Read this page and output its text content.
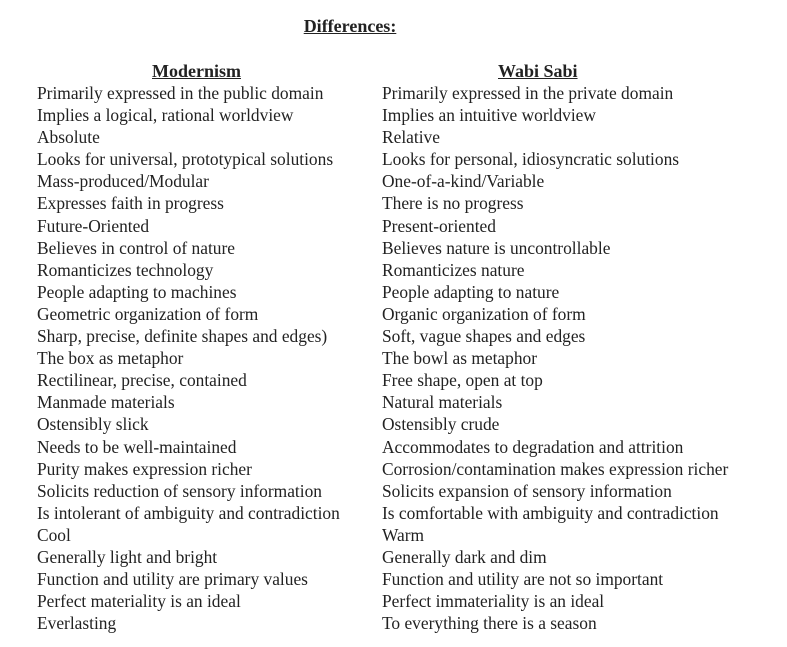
Differences:
Modernism
Primarily expressed in the public domain
Implies a logical, rational worldview
Absolute
Looks for universal, prototypical solutions
Mass-produced/Modular
Expresses faith in progress
Future-Oriented
Believes in control of nature
Romanticizes technology
People adapting to machines
Geometric organization of form
Sharp, precise, definite shapes and edges)
The box as metaphor
Rectilinear, precise, contained
Manmade materials
Ostensibly slick
Needs to be well-maintained
Purity makes expression richer
Solicits reduction of sensory information
Is intolerant of ambiguity and contradiction
Cool
Generally light and bright
Function and utility are primary values
Perfect materiality is an ideal
Everlasting
Wabi Sabi
Primarily expressed in the private domain
Implies an intuitive worldview
Relative
Looks for personal, idiosyncratic solutions
One-of-a-kind/Variable
There is no progress
Present-oriented
Believes nature is uncontrollable
Romanticizes nature
People adapting to nature
Organic organization of form
Soft, vague shapes and edges
The bowl as metaphor
Free shape, open at top
Natural materials
Ostensibly crude
Accommodates to degradation and attrition
Corrosion/contamination makes expression richer
Solicits expansion of sensory information
Is comfortable with ambiguity and contradiction
Warm
Generally dark and dim
Function and utility are not so important
Perfect immateriality is an ideal
To everything there is a season
